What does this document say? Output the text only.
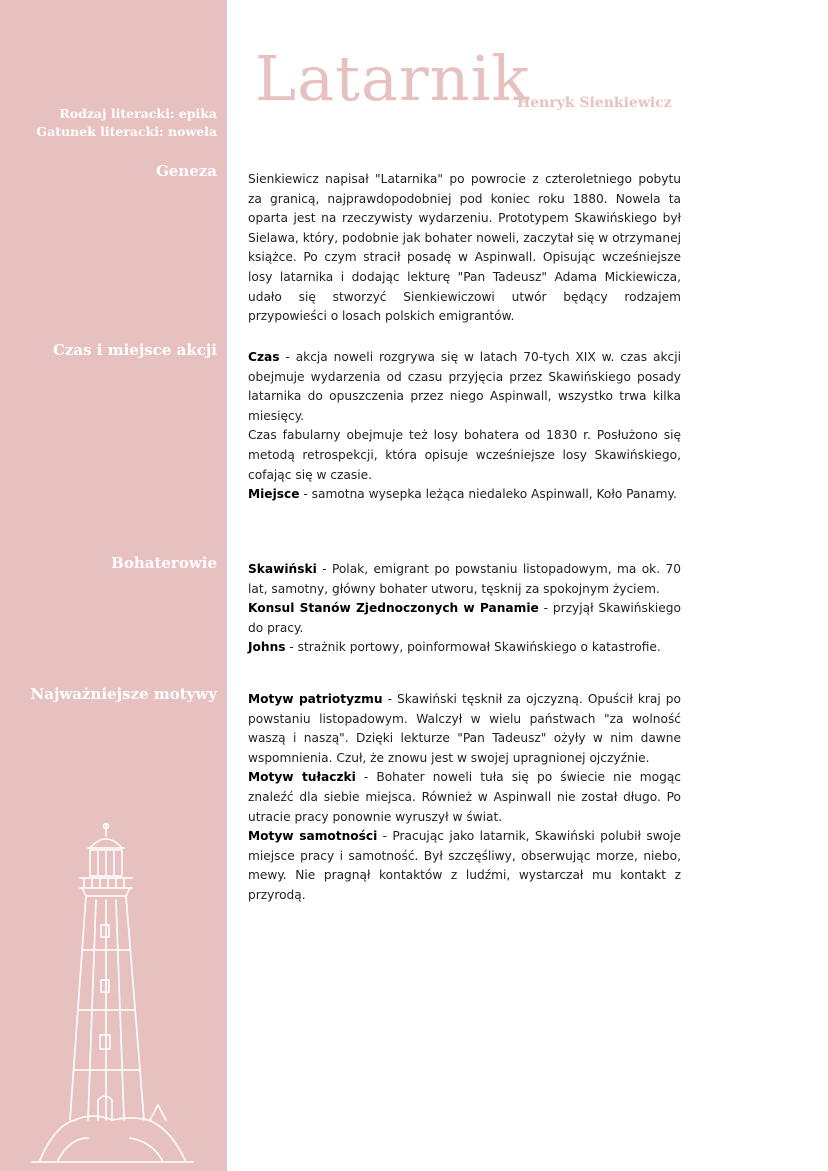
Rodzaj literacki: epika
Gatunek literacki: nowela
Geneza
Czas i miejsce akcji
Bohaterowie
Najważniejsze motywy
Latarnik
Henryk Sienkiewicz

Sienkiewicz napisał "Latarnika" po powrocie z czteroletniego pobytu za granicą, najprawdopodobniej pod koniec roku 1880. Nowela ta oparta jest na rzeczywisty wydarzeniu. Prototypem Skawińskiego był Sielawa, który, podobnie jak bohater noweli, zaczytał się w otrzymanej książce. Po czym stracił posadę w Aspinwall. Opisując wcześniejsze losy latarnika i dodając lekturę "Pan Tadeusz" Adama Mickiewicza, udało się stworzyć Sienkiewiczowi utwór będący rodzajem przypowieści o losach polskich emigrantów.

Czas - akcja noweli rozgrywa się w latach 70-tych XIX w. czas akcji obejmuje wydarzenia od czasu przyjęcia przez Skawińskiego posady latarnika do opuszczenia przez niego Aspinwall, wszystko trwa kilka miesięcy.
Czas fabularny obejmuje też losy bohatera od 1830 r. Posłużono się metodą retrospekcji, która opisuje wcześniejsze losy Skawińskiego, cofając się w czasie.
Miejsce - samotna wysepka leżąca niedaleko Aspinwall, Koło Panamy.
Skawiński - Polak, emigrant po powstaniu listopadowym, ma ok. 70 lat, samotny, główny bohater utworu, tęsknij za spokojnym życiem.
Konsul Stanów Zjednoczonych w Panamie - przyjął Skawińskiego do pracy.
Johns - strażnik portowy, poinformował Skawińskiego o katastrofie.
Motyw patriotyzmu - Skawiński tęsknił za ojczyzną. Opuścił kraj po powstaniu listopadowym. Walczył w wielu państwach "za wolność waszą i naszą". Dzięki lekturze "Pan Tadeusz" ożyły w nim dawne wspomnienia. Czuł, że znowu jest w swojej upragnionej ojczyźnie.
Motyw tułaczki - Bohater noweli tuła się po świecie nie mogąc znaleźć dla siebie miejsca. Również w Aspinwall nie został długo. Po utracie pracy ponownie wyruszył w świat.
Motyw samotności - Pracując jako latarnik, Skawiński polubił swoje miejsce pracy i samotność. Był szczęśliwy, obserwując morze, niebo, mewy. Nie pragnął kontaktów z ludźmi, wystarczał mu kontakt z przyrodą.
